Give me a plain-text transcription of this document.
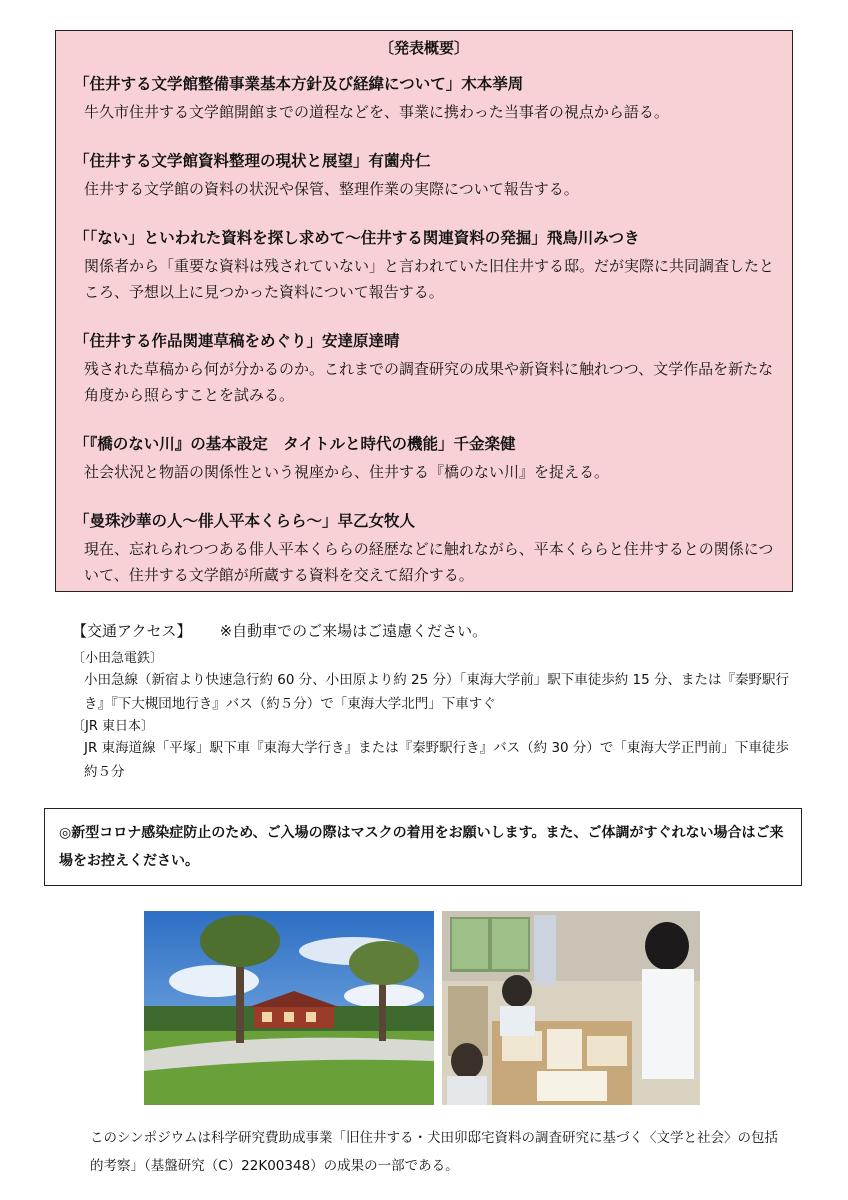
〔発表概要〕
「住井する文学館整備事業基本方針及び経緯について」木本挙周
牛久市住井する文学館開館までの道程などを、事業に携わった当事者の視点から語る。
「住井する文学館資料整理の現状と展望」有薗舟仁
住井する文学館の資料の状況や保管、整理作業の実際について報告する。
「「ない」といわれた資料を探し求めて～住井する関連資料の発掘」飛鳥川みつき
関係者から「重要な資料は残されていない」と言われていた旧住井する邸。だが実際に共同調査したところ、予想以上に見つかった資料について報告する。
「住井する作品関連草稿をめぐり」安達原達晴
残された草稿から何が分かるのか。これまでの調査研究の成果や新資料に触れつつ、文学作品を新たな角度から照らすことを試みる。
「『橋のない川』の基本設定　タイトルと時代の機能」千金楽健
社会状況と物語の関係性という視座から、住井する『橋のない川』を捉える。
「曼珠沙華の人～俳人平本くらら～」早乙女牧人
現在、忘れられつつある俳人平本くららの経歴などに触れながら、平本くららと住井するとの関係について、住井する文学館が所蔵する資料を交えて紹介する。
【交通アクセス】 ※自動車でのご来場はご遠慮ください。
〔小田急電鉄〕
小田急線（新宿より快速急行約 60 分、小田原より約 25 分）「東海大学前」駅下車徒歩約 15 分、または『秦野駅行き』『下大槻団地行き』バス（約５分）で「東海大学北門」下車すぐ
〔JR 東日本〕
JR 東海道線「平塚」駅下車『東海大学行き』または『秦野駅行き』バス（約 30 分）で「東海大学正門前」下車徒歩約５分
◎新型コロナ感染症防止のため、ご入場の際はマスクの着用をお願いします。また、ご体調がすぐれない場合はご来場をお控えください。
このシンポジウムは科学研究費助成事業「旧住井する・犬田卯邸宅資料の調査研究に基づく〈文学と社会〉の包括的考察」（基盤研究（C）22K00348）の成果の一部である。
